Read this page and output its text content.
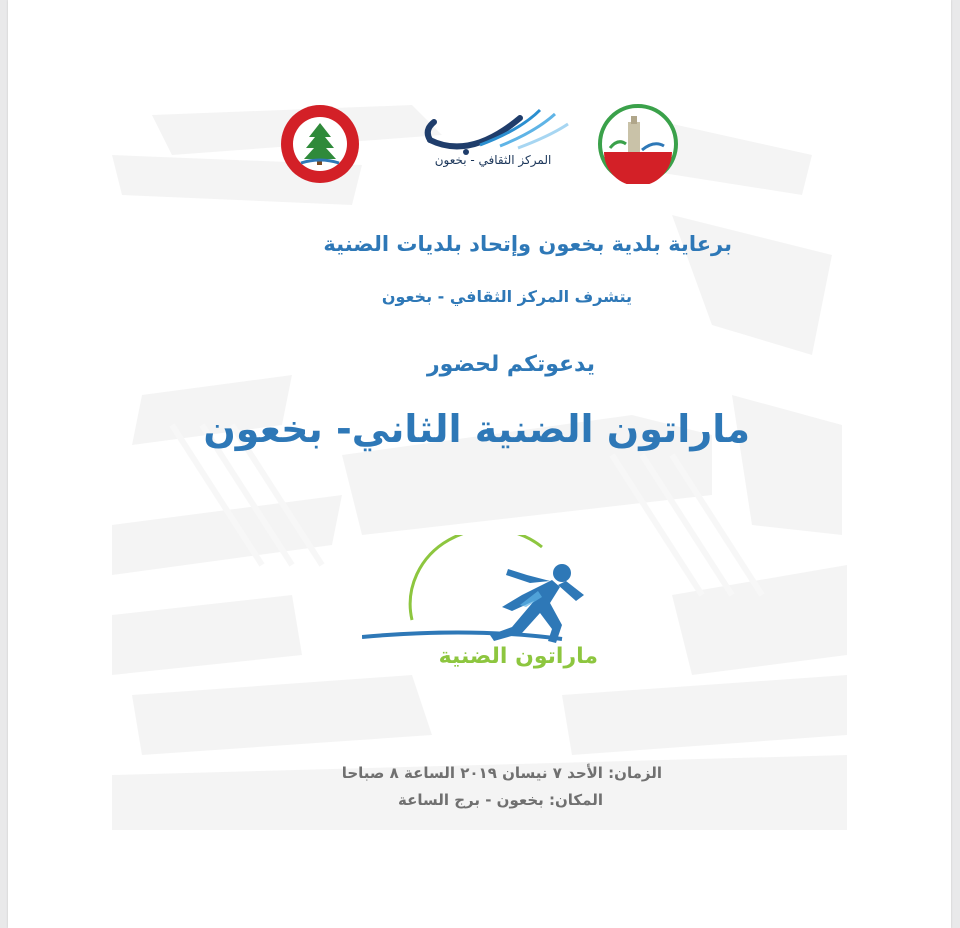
المركز الثقافي - بخعون
برعاية بلدية بخعون وإتحاد بلديات الضنية
يتشرف المركز الثقافي - بخعون
يدعوتكم لحضور
ماراتون الضنية الثاني- بخعون
ماراتون الضنية
الزمان: الأحد ٧ نيسان ٢٠١٩ الساعة ٨ صباحا
المكان: بخعون - برج الساعة
